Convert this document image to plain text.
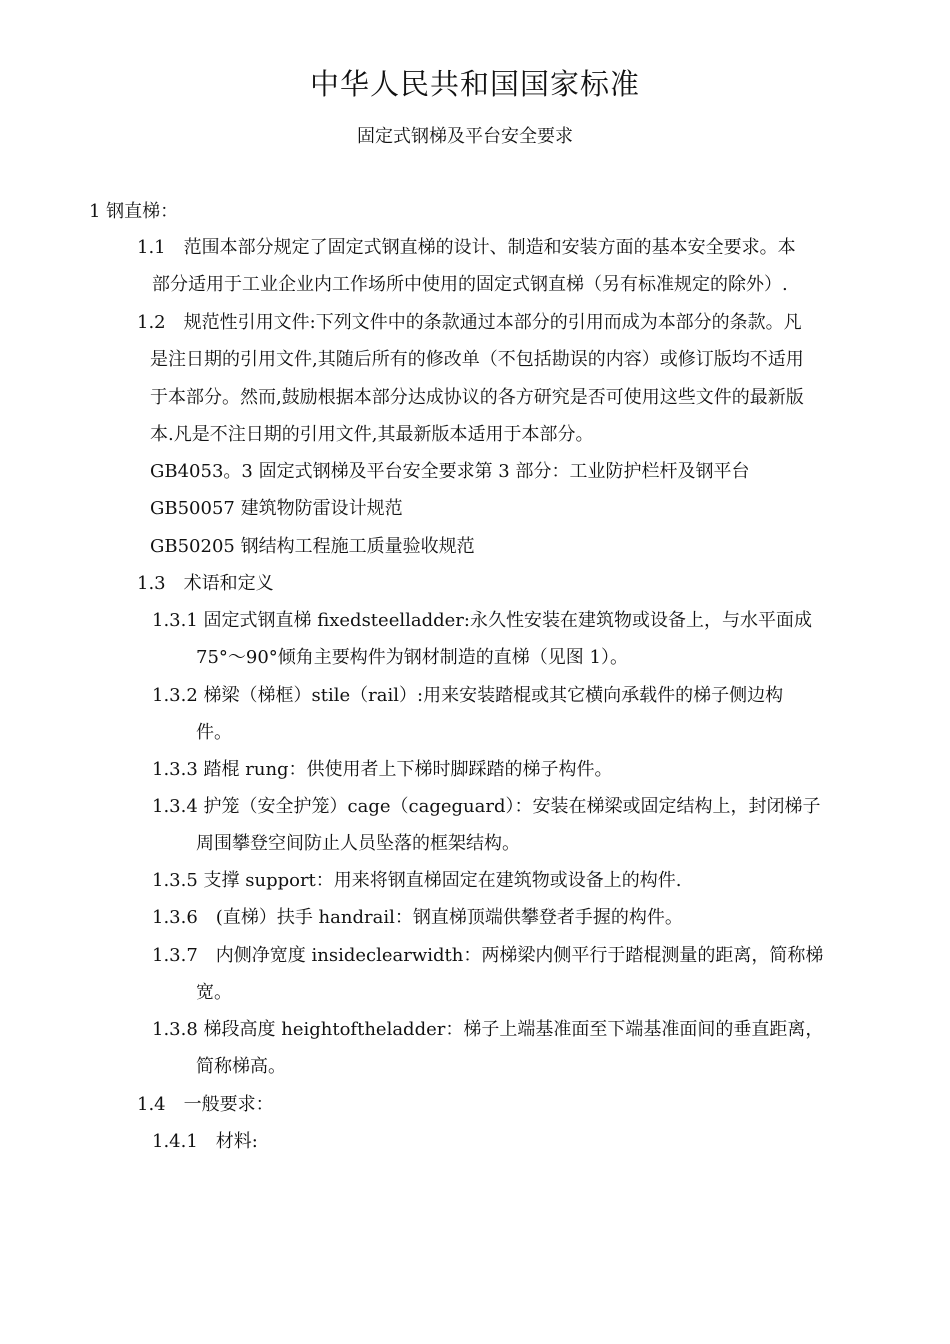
中华人民共和国国家标准
固定式钢梯及平台安全要求
1 钢直梯：
1.1　范围本部分规定了固定式钢直梯的设计、制造和安装方面的基本安全要求。本
部分适用于工业企业内工作场所中使用的固定式钢直梯（另有标准规定的除外）.
1.2　规范性引用文件:下列文件中的条款通过本部分的引用而成为本部分的条款。凡
是注日期的引用文件,其随后所有的修改单（不包括勘误的内容）或修订版均不适用
于本部分。然而,鼓励根据本部分达成协议的各方研究是否可使用这些文件的最新版
本.凡是不注日期的引用文件,其最新版本适用于本部分。
GB4053。3 固定式钢梯及平台安全要求第 3 部分：工业防护栏杆及钢平台
GB50057 建筑物防雷设计规范
GB50205 钢结构工程施工质量验收规范
1.3　术语和定义
1.3.1 固定式钢直梯 fixedsteelladder:永久性安装在建筑物或设备上，与水平面成
75°～90°倾角主要构件为钢材制造的直梯（见图 1）。
1.3.2 梯梁（梯框）stile（rail）:用来安装踏棍或其它横向承载件的梯子侧边构
件。
1.3.3 踏棍 rung：供使用者上下梯时脚踩踏的梯子构件。
1.3.4 护笼（安全护笼）cage（cageguard）：安装在梯梁或固定结构上，封闭梯子
周围攀登空间防止人员坠落的框架结构。
1.3.5 支撑 support：用来将钢直梯固定在建筑物或设备上的构件.
1.3.6　(直梯）扶手 handrail：钢直梯顶端供攀登者手握的构件。
1.3.7　内侧净宽度 insideclearwidth：两梯梁内侧平行于踏棍测量的距离，简称梯
宽。
1.3.8 梯段高度 heightoftheladder：梯子上端基准面至下端基准面间的垂直距离，
简称梯高。
1.4　一般要求：
1.4.1　材料:
